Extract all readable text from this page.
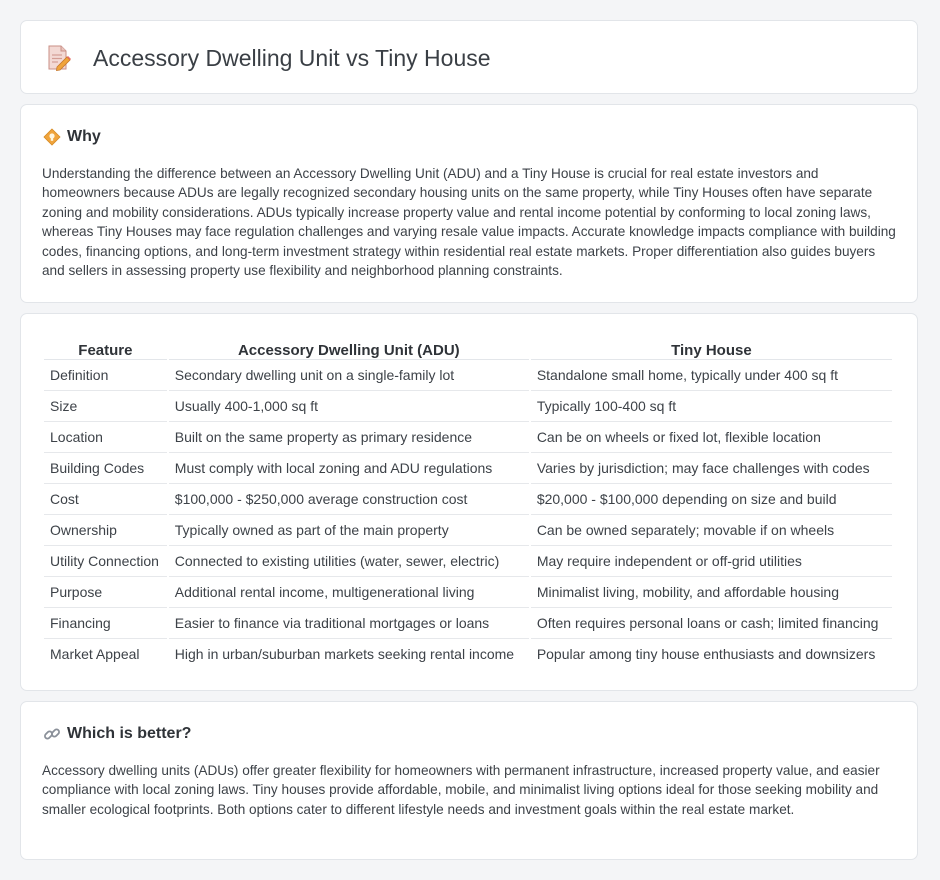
Accessory Dwelling Unit vs Tiny House
Why

Understanding the difference between an Accessory Dwelling Unit (ADU) and a Tiny House is crucial for real estate investors and homeowners because ADUs are legally recognized secondary housing units on the same property, while Tiny Houses often have separate zoning and mobility considerations. ADUs typically increase property value and rental income potential by conforming to local zoning laws, whereas Tiny Houses may face regulation challenges and varying resale value impacts. Accurate knowledge impacts compliance with building codes, financing options, and long-term investment strategy within residential real estate markets. Proper differentiation also guides buyers and sellers in assessing property use flexibility and neighborhood planning constraints.

Feature	Accessory Dwelling Unit (ADU)	Tiny House
Definition	Secondary dwelling unit on a single-family lot	Standalone small home, typically under 400 sq ft
Size	Usually 400-1,000 sq ft	Typically 100-400 sq ft
Location	Built on the same property as primary residence	Can be on wheels or fixed lot, flexible location
Building Codes	Must comply with local zoning and ADU regulations	Varies by jurisdiction; may face challenges with codes
Cost	$100,000 - $250,000 average construction cost	$20,000 - $100,000 depending on size and build
Ownership	Typically owned as part of the main property	Can be owned separately; movable if on wheels
Utility Connection	Connected to existing utilities (water, sewer, electric)	May require independent or off-grid utilities
Purpose	Additional rental income, multigenerational living	Minimalist living, mobility, and affordable housing
Financing	Easier to finance via traditional mortgages or loans	Often requires personal loans or cash; limited financing
Market Appeal	High in urban/suburban markets seeking rental income	Popular among tiny house enthusiasts and downsizers
Which is better?

Accessory dwelling units (ADUs) offer greater flexibility for homeowners with permanent infrastructure, increased property value, and easier compliance with local zoning laws. Tiny houses provide affordable, mobile, and minimalist living options ideal for those seeking mobility and smaller ecological footprints. Both options cater to different lifestyle needs and investment goals within the real estate market.
